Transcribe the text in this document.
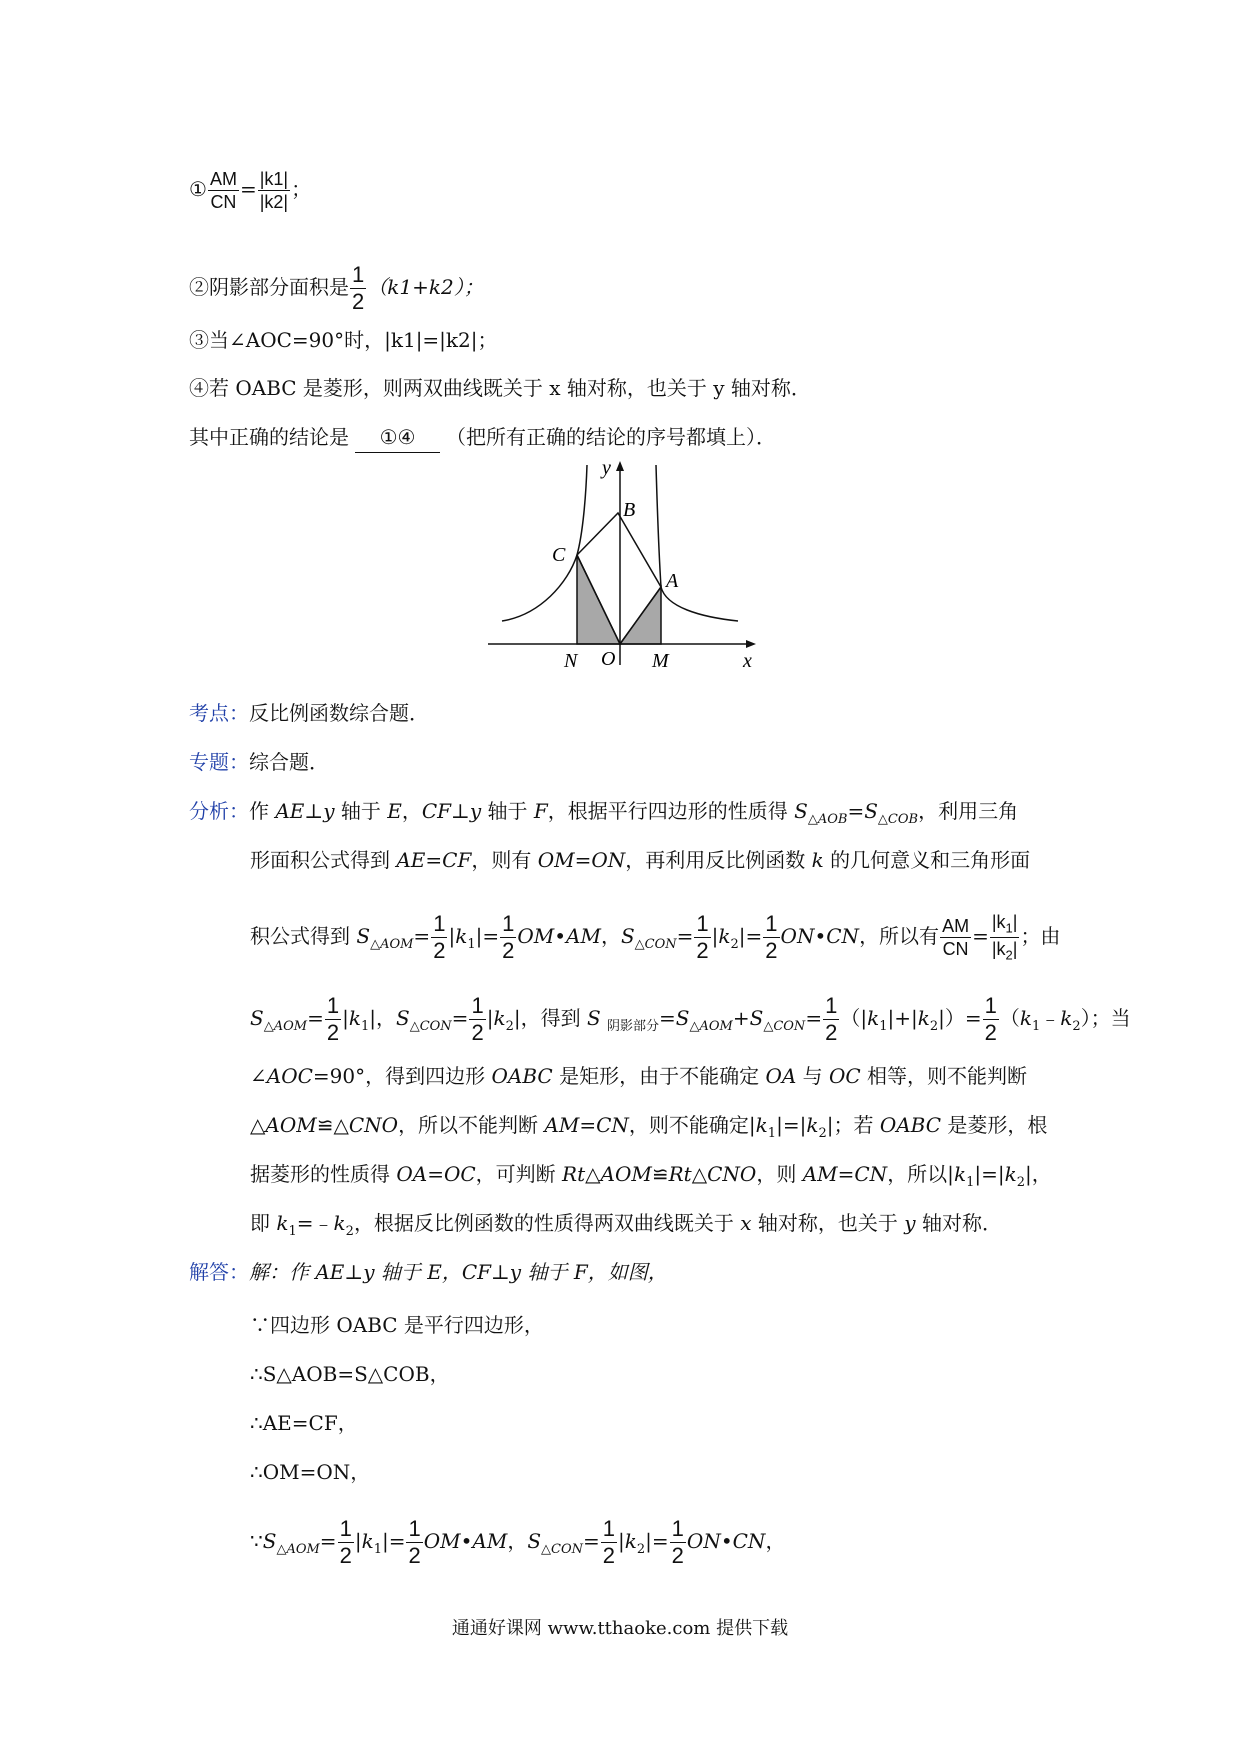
① $\frac{AM}{CN} = \frac{|k1|}{|k2|}$ ；
②阴影部分面积是 $\frac{1}{2} (k1+k2)$；
③当∠AOC=90°时，|k1|=|k2|；
④若 OABC 是菱形，则两双曲线既关于 x 轴对称，也关于 y 轴对称．
其中正确的结论是 ①④ （把所有正确的结论的序号都填上）．
y
B
C
A
N O M	x
考点：反比例函数综合题．
专题：综合题．
分析：作 AE⊥y 轴于 E，CF⊥y 轴于 F，根据平行四边形的性质得 $S_{\triangle AOB}=S_{\triangle COB}$，利用三角
形面积公式得到 AE=CF，则有 OM=ON，再利用反比例函数 k 的几何意义和三角形面
积公式得到 $S_{\triangle AOM}= \frac{1}{2} |k_1|= \frac{1}{2}$ OM•AM，$S_{\triangle CON}= \frac{1}{2} |k_2|= \frac{1}{2}$ ON•CN，所以有 $\frac{AM}{CN} = \frac{|k_1|}{|k_2|}$ ；由
$S_{\triangle AOM}= \frac{1}{2} |k_1|$，$S_{\triangle CON}= \frac{1}{2} |k_2|$，得到 S $_{阴影部分}=S_{\triangle AOM}+S_{\triangle CON}= \frac{1}{2} (|k_1|+|k_2|)= \frac{1}{2}$ $(k_1﹣k_2)$；当
∠AOC=90°，得到四边形 OABC 是矩形，由于不能确定 OA 与 OC 相等，则不能判断
△AOM≌△CNO，所以不能判断 AM=CN，则不能确定$|k_1|=|k_2|$；若 OABC 是菱形，根
据菱形的性质得 OA=OC，可判断 Rt△AOM≌Rt△CNO，则 AM=CN，所以$|k_1|=|k_2|$，
即 $k_1=﹣k_2$，根据反比例函数的性质得两双曲线既关于 x 轴对称，也关于 y 轴对称．
解答：解：作 AE⊥y 轴于 E，CF⊥y 轴于 F，如图，
∵四边形 OABC 是平行四边形，
∴S△AOB=S△COB，
∴AE=CF，
∴OM=ON，
$\because S_{\triangle AOM}= \frac{1}{2} |k_1|= \frac{1}{2}$ OM•AM，$S_{\triangle CON}= \frac{1}{2} |k_2|= \frac{1}{2}$ ON•CN，
通通好课网 www.tthaoke.com 提供下载
